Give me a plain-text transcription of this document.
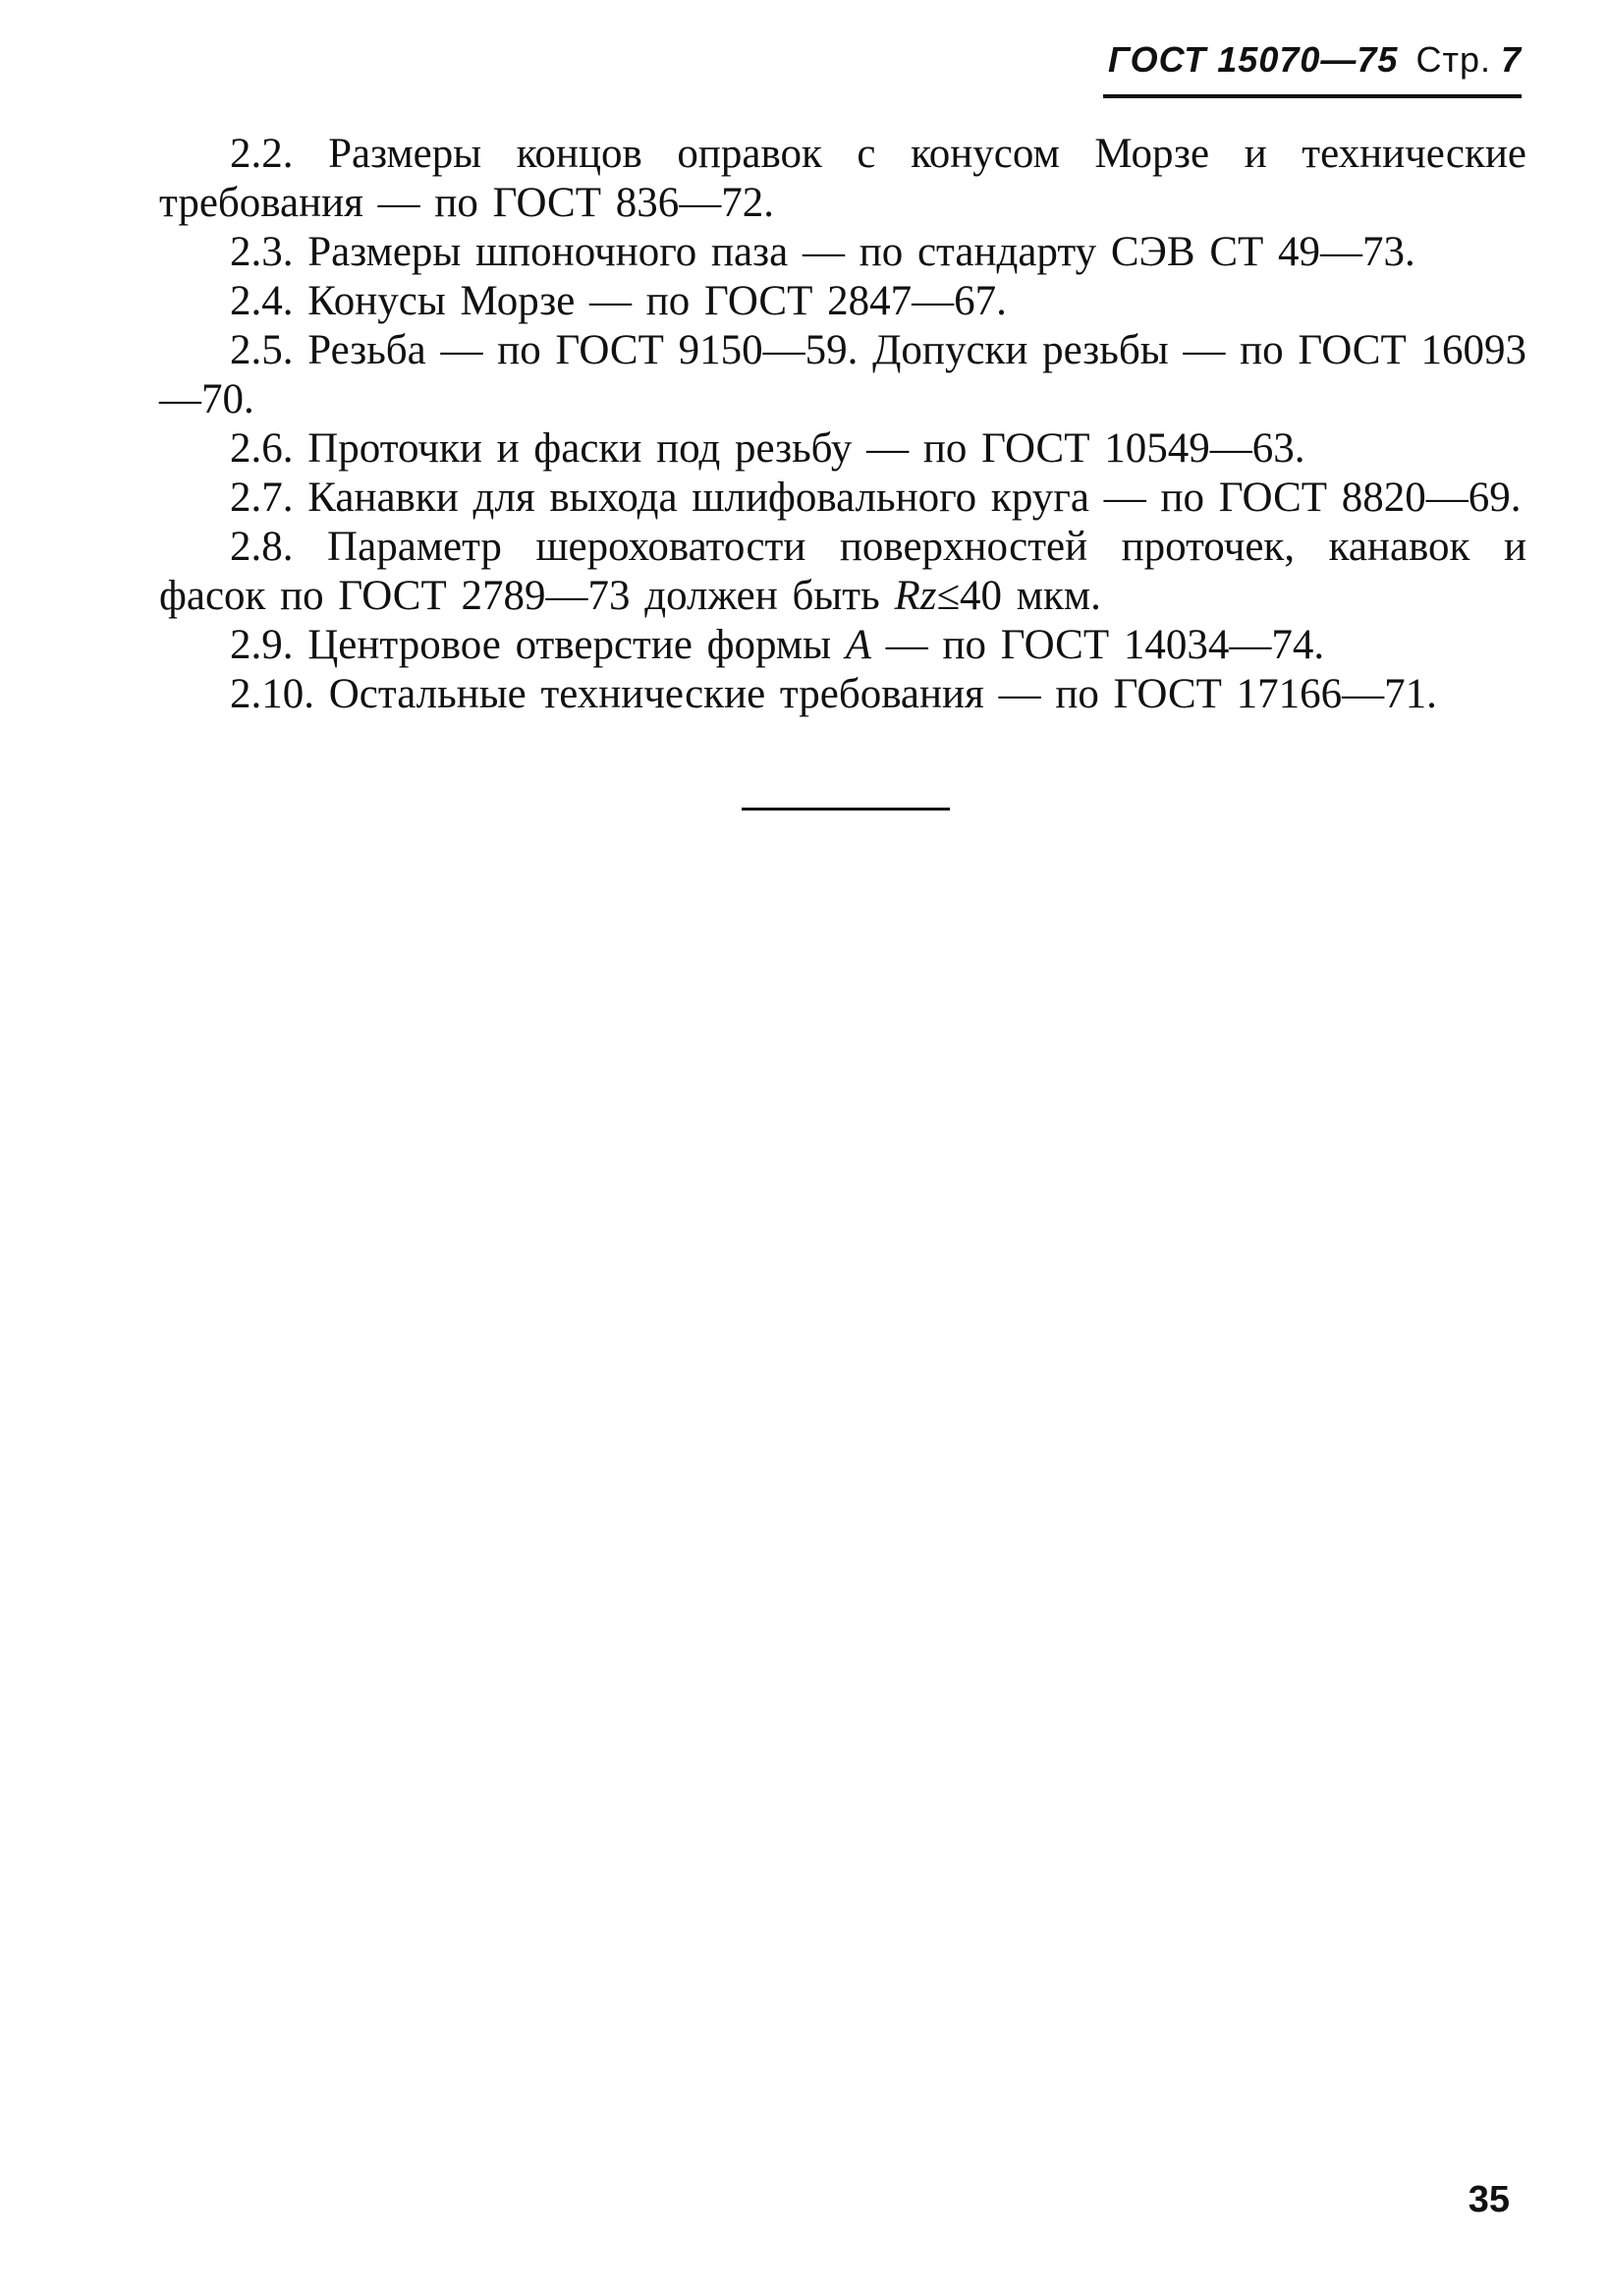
ГОСТ 15070—75 Стр. 7

2.2. Размеры концов оправок с конусом Морзе и технические требования — по ГОСТ 836—72.

2.3. Размеры шпоночного паза — по стандарту СЭВ СТ 49—73.

2.4. Конусы Морзе — по ГОСТ 2847—67.

2.5. Резьба — по ГОСТ 9150—59. Допуски резьбы — по ГОСТ 16093—70.

2.6. Проточки и фаски под резьбу — по ГОСТ 10549—63.

2.7. Канавки для выхода шлифовального круга — по ГОСТ 8820—69.

2.8. Параметр шероховатости поверхностей проточек, канавок и фасок по ГОСТ 2789—73 должен быть Rz≤40 мкм.

2.9. Центровое отверстие формы А — по ГОСТ 14034—74.

2.10. Остальные технические требования — по ГОСТ 17166—71.

35
